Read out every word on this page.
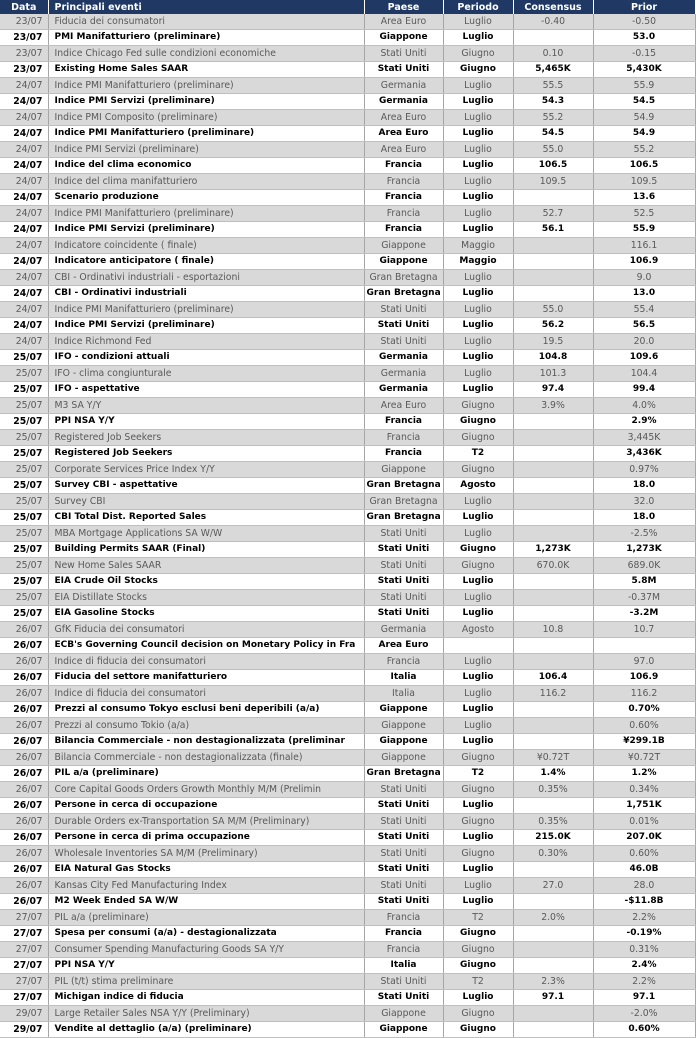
Data	Principali eventi	Paese	Periodo	Consensus	Prior
23/07	Fiducia dei consumatori	Area Euro	Luglio	-0.40	-0.50
23/07	PMI Manifatturiero (preliminare)	Giappone	Luglio		53.0
23/07	Indice Chicago Fed sulle condizioni economiche	Stati Uniti	Giugno	0.10	-0.15
23/07	Existing Home Sales SAAR	Stati Uniti	Giugno	5,465K	5,430K
24/07	Indice PMI Manifatturiero (preliminare)	Germania	Luglio	55.5	55.9
24/07	Indice PMI Servizi (preliminare)	Germania	Luglio	54.3	54.5
24/07	Indice PMI Composito (preliminare)	Area Euro	Luglio	55.2	54.9
24/07	Indice PMI Manifatturiero (preliminare)	Area Euro	Luglio	54.5	54.9
24/07	Indice PMI Servizi (preliminare)	Area Euro	Luglio	55.0	55.2
24/07	Indice del clima economico	Francia	Luglio	106.5	106.5
24/07	Indice del clima manifatturiero	Francia	Luglio	109.5	109.5
24/07	Scenario produzione	Francia	Luglio		13.6
24/07	Indice PMI Manifatturiero (preliminare)	Francia	Luglio	52.7	52.5
24/07	Indice PMI Servizi (preliminare)	Francia	Luglio	56.1	55.9
24/07	Indicatore coincidente ( finale)	Giappone	Maggio		116.1
24/07	Indicatore anticipatore ( finale)	Giappone	Maggio		106.9
24/07	CBI - Ordinativi industriali - esportazioni	Gran Bretagna	Luglio		9.0
24/07	CBI - Ordinativi industriali	Gran Bretagna	Luglio		13.0
24/07	Indice PMI Manifatturiero (preliminare)	Stati Uniti	Luglio	55.0	55.4
24/07	Indice PMI Servizi (preliminare)	Stati Uniti	Luglio	56.2	56.5
24/07	Indice Richmond Fed	Stati Uniti	Luglio	19.5	20.0
25/07	IFO - condizioni attuali	Germania	Luglio	104.8	109.6
25/07	IFO - clima congiunturale	Germania	Luglio	101.3	104.4
25/07	IFO - aspettative	Germania	Luglio	97.4	99.4
25/07	M3 SA Y/Y	Area Euro	Giugno	3.9%	4.0%
25/07	PPI NSA Y/Y	Francia	Giugno		2.9%
25/07	Registered Job Seekers	Francia	Giugno		3,445K
25/07	Registered Job Seekers	Francia	T2		3,436K
25/07	Corporate Services Price Index Y/Y	Giappone	Giugno		0.97%
25/07	Survey CBI - aspettative	Gran Bretagna	Agosto		18.0
25/07	Survey CBI	Gran Bretagna	Luglio		32.0
25/07	CBI Total Dist. Reported Sales	Gran Bretagna	Luglio		18.0
25/07	MBA Mortgage Applications SA W/W	Stati Uniti	Luglio		-2.5%
25/07	Building Permits SAAR (Final)	Stati Uniti	Giugno	1,273K	1,273K
25/07	New Home Sales SAAR	Stati Uniti	Giugno	670.0K	689.0K
25/07	EIA Crude Oil Stocks	Stati Uniti	Luglio		5.8M
25/07	EIA Distillate Stocks	Stati Uniti	Luglio		-0.37M
25/07	EIA Gasoline Stocks	Stati Uniti	Luglio		-3.2M
26/07	GfK Fiducia dei consumatori	Germania	Agosto	10.8	10.7
26/07	ECB's Governing Council decision on Monetary Policy in Fra	Area Euro			
26/07	Indice di fiducia dei consumatori	Francia	Luglio		97.0
26/07	Fiducia del settore manifatturiero	Italia	Luglio	106.4	106.9
26/07	Indice di fiducia dei consumatori	Italia	Luglio	116.2	116.2
26/07	Prezzi al consumo Tokyo esclusi beni deperibili (a/a)	Giappone	Luglio		0.70%
26/07	Prezzi al consumo Tokio (a/a)	Giappone	Luglio		0.60%
26/07	Bilancia Commerciale - non destagionalizzata (preliminar	Giappone	Luglio		¥299.1B
26/07	Bilancia Commerciale - non destagionalizzata (finale)	Giappone	Giugno	¥0.72T	¥0.72T
26/07	PIL a/a (preliminare)	Gran Bretagna	T2	1.4%	1.2%
26/07	Core Capital Goods Orders Growth Monthly M/M (Prelimin	Stati Uniti	Giugno	0.35%	0.34%
26/07	Persone in cerca di occupazione	Stati Uniti	Luglio		1,751K
26/07	Durable Orders ex-Transportation SA M/M (Preliminary)	Stati Uniti	Giugno	0.35%	0.01%
26/07	Persone in cerca di prima occupazione	Stati Uniti	Luglio	215.0K	207.0K
26/07	Wholesale Inventories SA M/M (Preliminary)	Stati Uniti	Giugno	0.30%	0.60%
26/07	EIA Natural Gas Stocks	Stati Uniti	Luglio		46.0B
26/07	Kansas City Fed Manufacturing Index	Stati Uniti	Luglio	27.0	28.0
26/07	M2 Week Ended SA W/W	Stati Uniti	Luglio		-$11.8B
27/07	PIL a/a (preliminare)	Francia	T2	2.0%	2.2%
27/07	Spesa per consumi (a/a) - destagionalizzata	Francia	Giugno		-0.19%
27/07	Consumer Spending Manufacturing Goods SA Y/Y	Francia	Giugno		0.31%
27/07	PPI NSA Y/Y	Italia	Giugno		2.4%
27/07	PIL (t/t) stima preliminare	Stati Uniti	T2	2.3%	2.2%
27/07	Michigan indice di fiducia	Stati Uniti	Luglio	97.1	97.1
29/07	Large Retailer Sales NSA Y/Y (Preliminary)	Giappone	Giugno		-2.0%
29/07	Vendite al dettaglio (a/a) (preliminare)	Giappone	Giugno		0.60%
